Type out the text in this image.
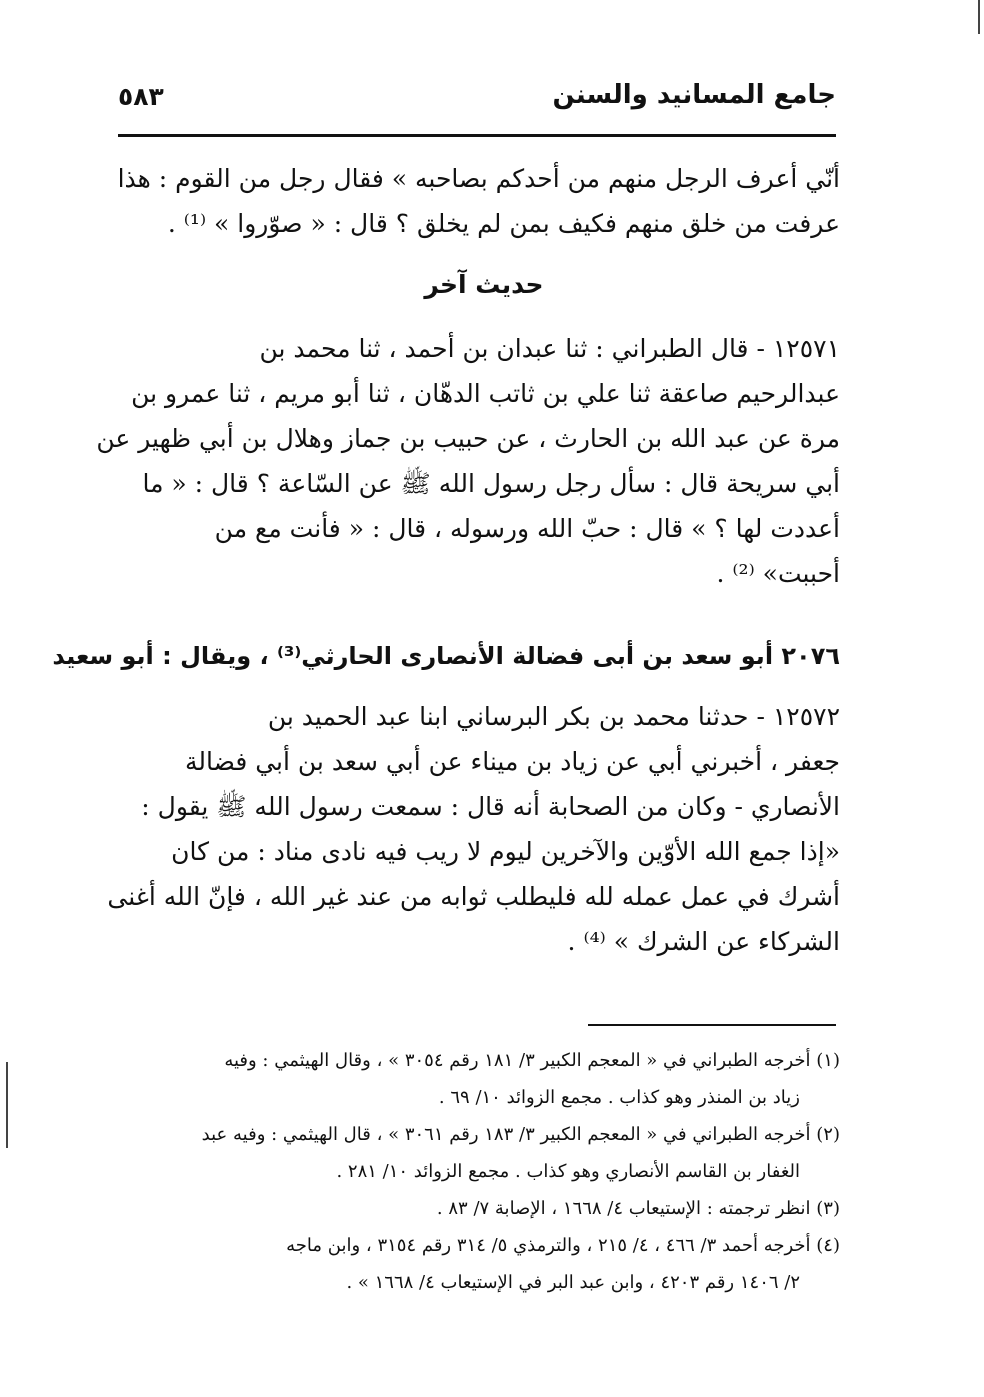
جامع المسانيد والسنن
٥٨٣
أنّي أعرف الرجل منهم من أحدكم بصاحبه » فقال رجل من القوم : هذا
عرفت من خلق منهم فكيف بمن لم يخلق ؟ قال : « صوّروا » ⁽¹⁾ .
حديث آخر
١٢٥٧١ - قال الطبراني : ثنا عبدان بن أحمد ، ثنا محمد بن
عبدالرحيم صاعقة ثنا علي بن ثاتب الدهّان ، ثنا أبو مريم ، ثنا عمرو بن
مرة عن عبد الله بن الحارث ، عن حبيب بن جماز وهلال بن أبي ظهير عن
أبي سريحة قال : سأل رجل رسول الله ﷺ عن السّاعة ؟ قال : « ما
أعددت لها ؟ » قال : حبّ الله ورسوله ، قال : « فأنت مع من
أحببت» ⁽²⁾ .
٢٠٧٦ أبو سعد بن أبى فضالة الأنصارى الحارثي⁽³⁾ ، ويقال : أبو سعيد
١٢٥٧٢ - حدثنا محمد بن بكر البرساني ابنا عبد الحميد بن
جعفر ، أخبرني أبي عن زياد بن ميناء عن أبي سعد بن أبي فضالة
الأنصاري - وكان من الصحابة أنه قال : سمعت رسول الله ﷺ يقول :
«إذا جمع الله الأوّين والآخرين ليوم لا ريب فيه نادى مناد : من كان
أشرك في عمل عمله لله فليطلب ثوابه من عند غير الله ، فإنّ الله أغنى
الشركاء عن الشرك » ⁽⁴⁾ .
(١) أخرجه الطبراني في « المعجم الكبير ٣/ ١٨١ رقم ٣٠٥٤ » ، وقال الهيثمي : وفيه
زياد بن المنذر وهو كذاب . مجمع الزوائد ١٠/ ٦٩ .
(٢) أخرجه الطبراني في « المعجم الكبير ٣/ ١٨٣ رقم ٣٠٦١ » ، قال الهيثمي : وفيه عبد
الغفار بن القاسم الأنصاري وهو كذاب . مجمع الزوائد ١٠/ ٢٨١ .
(٣) انظر ترجمته : الإستيعاب ٤/ ١٦٦٨ ، الإصابة ٧/ ٨٣ .
(٤) أخرجه أحمد ٣/ ٤٦٦ ، ٤/ ٢١٥ ، والترمذي ٥/ ٣١٤ رقم ٣١٥٤ ، وابن ماجه
٢/ ١٤٠٦ رقم ٤٢٠٣ ، وابن عبد البر في الإستيعاب ٤/ ١٦٦٨ » .
